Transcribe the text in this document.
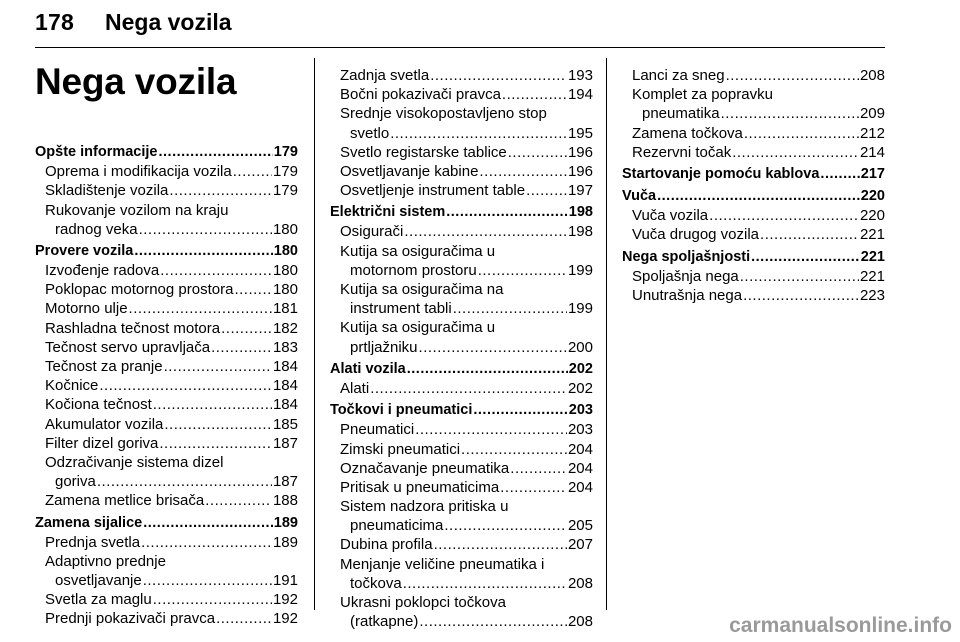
178 Nega vozila
Nega vozila
Opšte informacije .....	179
Oprema i modifikacija vozila .....	179
Skladištenje vozila .....	179
Rukovanje vozilom na kraju
radnog veka .....	180
Provere vozila .....	180
Izvođenje radova .....	180
Poklopac motornog prostora .....	180
Motorno ulje .....	181
Rashladna tečnost motora .....	182
Tečnost servo upravljača .....	183
Tečnost za pranje .....	184
Kočnice .....	184
Kočiona tečnost .....	184
Akumulator vozila .....	185
Filter dizel goriva .....	187
Odzračivanje sistema dizel
goriva .....	187
Zamena metlice brisača .....	188
Zamena sijalice .....	189
Prednja svetla .....	189
Adaptivno prednje
osvetljavanje .....	191
Svetla za maglu .....	192
Prednji pokazivači pravca .....	192
Zadnja svetla .....	193
Bočni pokazivači pravca .....	194
Srednje visokopostavljeno stop
svetlo .....	195
Svetlo registarske tablice .....	196
Osvetljavanje kabine .....	196
Osvetljenje instrument table .....	197
Električni sistem .....	198
Osigurači .....	198
Kutija sa osiguračima u
motornom prostoru .....	199
Kutija sa osiguračima na
instrument tabli .....	199
Kutija sa osiguračima u
prtljažniku .....	200
Alati vozila .....	202
Alati .....	202
Točkovi i pneumatici .....	203
Pneumatici .....	203
Zimski pneumatici .....	204
Označavanje pneumatika .....	204
Pritisak u pneumaticima .....	204
Sistem nadzora pritiska u
pneumaticima .....	205
Dubina profila .....	207
Menjanje veličine pneumatika i
točkova .....	208
Ukrasni poklopci točkova
(ratkapne) .....	208
Lanci za sneg .....	208
Komplet za popravku
pneumatika .....	209
Zamena točkova .....	212
Rezervni točak .....	214
Startovanje pomoću kablova .....	217
Vuča .....	220
Vuča vozila .....	220
Vuča drugog vozila .....	221
Nega spoljašnjosti .....	221
Spoljašnja nega .....	221
Unutrašnja nega .....	223
carmanualsonline.info
